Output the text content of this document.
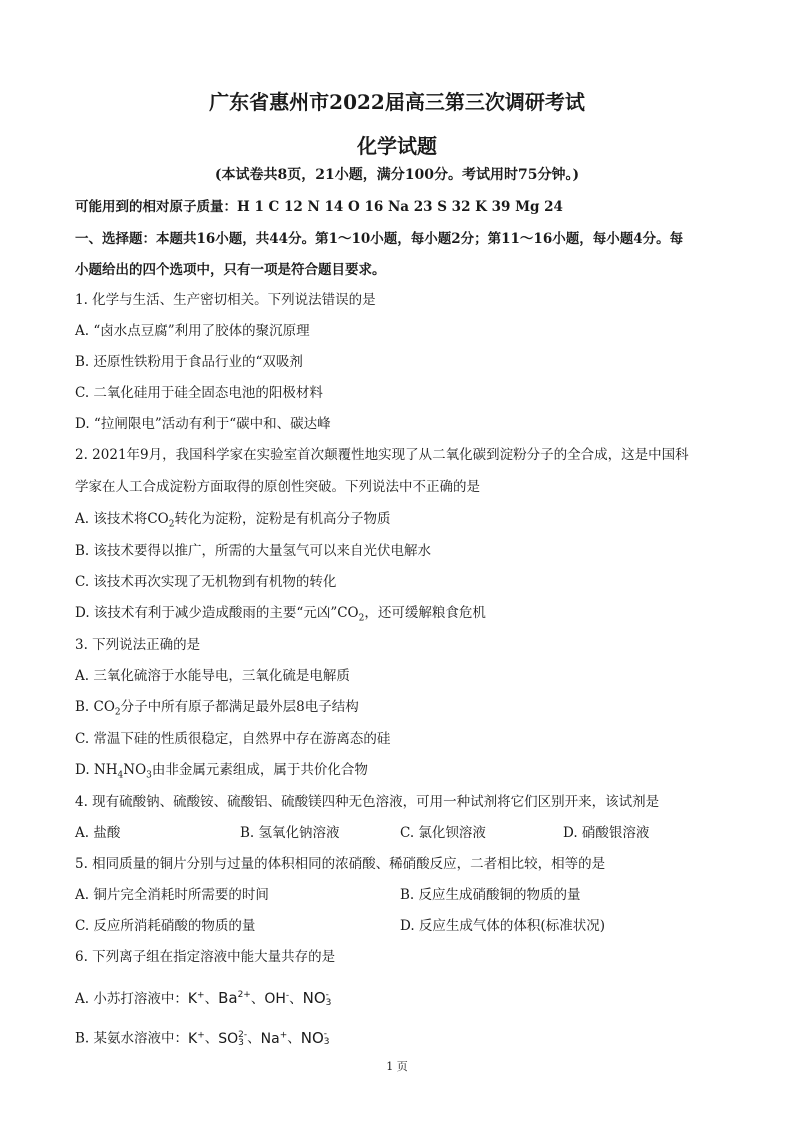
广东省惠州市2022届高三第三次调研考试
化学试题
(本试卷共8页，21小题，满分100分。考试用时75分钟。)
可能用到的相对原子质量：H 1 C 12 N 14 O 16 Na 23 S 32 K 39 Mg 24
一、选择题：本题共16小题，共44分。第1～10小题，每小题2分；第11～16小题，每小题4分。每
小题给出的四个选项中，只有一项是符合题目要求。
1. 化学与生活、生产密切相关。下列说法错误的是
A. “卤水点豆腐”利用了胶体的聚沉原理
B. 还原性铁粉用于食品行业的“双吸剂
C. 二氧化硅用于硅全固态电池的阳极材料
D. “拉闸限电”活动有利于“碳中和、碳达峰
2. 2021年9月，我国科学家在实验室首次颠覆性地实现了从二氧化碳到淀粉分子的全合成，这是中国科
学家在人工合成淀粉方面取得的原创性突破。下列说法中不正确的是
A. 该技术将$CO_2$转化为淀粉，淀粉是有机高分子物质
B. 该技术要得以推广，所需的大量氢气可以来自光伏电解水
C. 该技术再次实现了无机物到有机物的转化
D. 该技术有利于减少造成酸雨的主要“元凶$”CO_2$，还可缓解粮食危机
3. 下列说法正确的是
A. 三氧化硫溶于水能导电，三氧化硫是电解质
B. $CO_2$分子中所有原子都满足最外层8电子结构
C. 常温下硅的性质很稳定，自然界中存在游离态的硅
D. $NH_4NO_3$由非金属元素组成，属于共价化合物
4. 现有硫酸钠、硫酸铵、硫酸铝、硫酸镁四种无色溶液，可用一种试剂将它们区别开来，该试剂是
A. 盐酸	B. 氢氧化钠溶液	C. 氯化钡溶液	D. 硝酸银溶液
5. 相同质量的铜片分别与过量的体积相同的浓硝酸、稀硝酸反应，二者相比较，相等的是
A. 铜片完全消耗时所需要的时间	B. 反应生成硝酸铜的物质的量
C. 反应所消耗硝酸的物质的量	D. 反应生成气体的体积(标准状况)
6. 下列离子组在指定溶液中能大量共存的是
A. 小苏打溶液中：K+、$Ba^{2+}$、OH-、NO -
3
B. 某氨水溶液中：K+、SO 2-
3 、Na+、NO -
3
1 页
